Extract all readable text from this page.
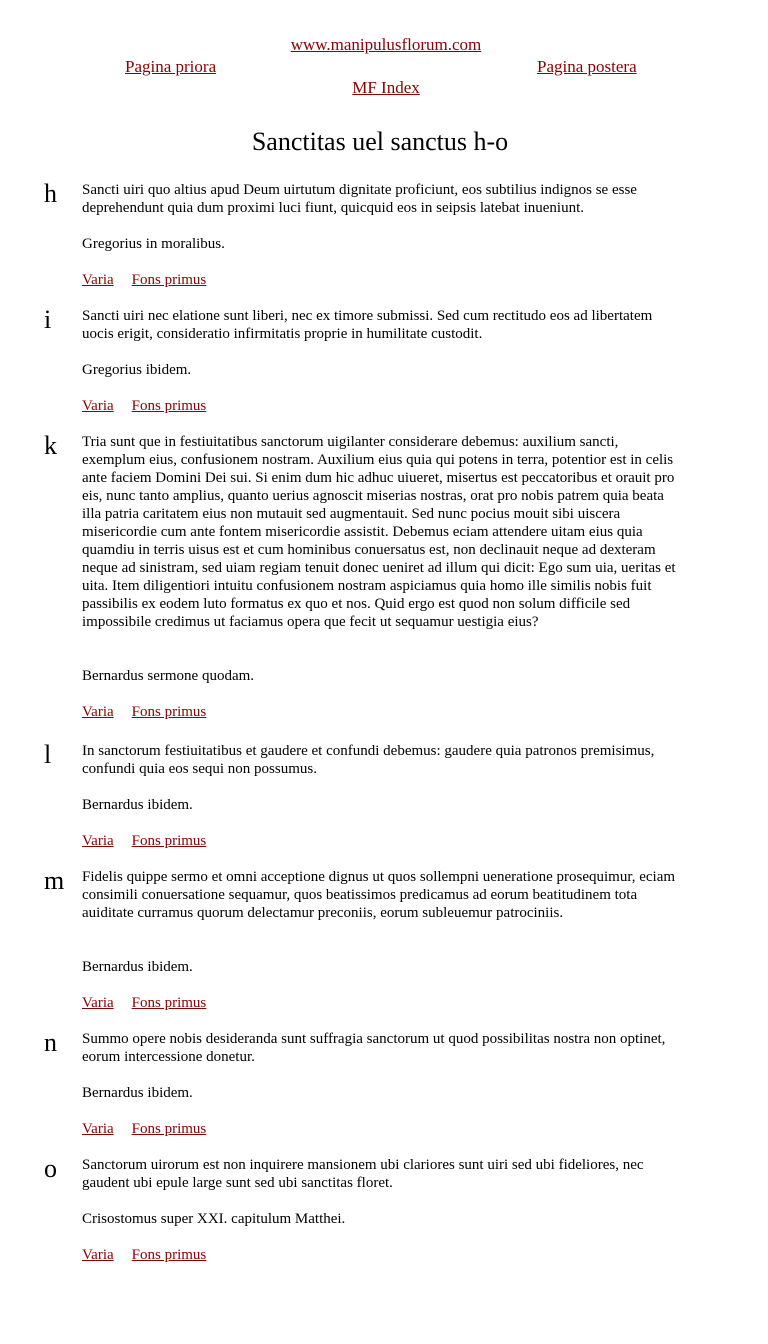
www.manipulusflorum.com
Pagina priora	Pagina postera
MF Index
Sanctitas uel sanctus h-o
h Sancti uiri quo altius apud Deum uirtutum dignitate proficiunt, eos subtilius indignos se esse deprehendunt quia dum proximi luci fiunt, quicquid eos in seipsis latebat inueniunt.

Gregorius in moralibus.

Varia Fons primus
i Sancti uiri nec elatione sunt liberi, nec ex timore submissi. Sed cum rectitudo eos ad libertatem uocis erigit, consideratio infirmitatis proprie in humilitate custodit.

Gregorius ibidem.

Varia Fons primus
k Tria sunt que in festiuitatibus sanctorum uigilanter considerare debemus: auxilium sancti, exemplum eius, confusionem nostram. Auxilium eius quia qui potens in terra, potentior est in celis ante faciem Domini Dei sui. Si enim dum hic adhuc uiueret, misertus est peccatoribus et orauit pro eis, nunc tanto amplius, quanto uerius agnoscit miserias nostras, orat pro nobis patrem quia beata illa patria caritatem eius non mutauit sed augmentauit. Sed nunc pocius mouit sibi uiscera misericordie cum ante fontem misericordie assistit. Debemus eciam attendere uitam eius quia quamdiu in terris uisus est et cum hominibus conuersatus est, non declinauit neque ad dexteram neque ad sinistram, sed uiam regiam tenuit donec ueniret ad illum qui dicit: Ego sum uia, ueritas et uita. Item diligentiori intuitu confusionem nostram aspiciamus quia homo ille similis nobis fuit passibilis ex eodem luto formatus ex quo et nos. Quid ergo est quod non solum difficile sed impossibile credimus ut faciamus opera que fecit ut sequamur uestigia eius?

Bernardus sermone quodam.

Varia Fons primus
l In sanctorum festiuitatibus et gaudere et confundi debemus: gaudere quia patronos premisimus, confundi quia eos sequi non possumus.

Bernardus ibidem.

Varia Fons primus
m Fidelis quippe sermo et omni acceptione dignus ut quos sollempni ueneratione prosequimur, eciam consimili conuersatione sequamur, quos beatissimos predicamus ad eorum beatitudinem tota auiditate curramus quorum delectamur preconiis, eorum subleuemur patrociniis.

Bernardus ibidem.

Varia Fons primus
n Summo opere nobis desideranda sunt suffragia sanctorum ut quod possibilitas nostra non optinet, eorum intercessione donetur.

Bernardus ibidem.

Varia Fons primus
o Sanctorum uirorum est non inquirere mansionem ubi clariores sunt uiri sed ubi fideliores, nec gaudent ubi epule large sunt sed ubi sanctitas floret.

Crisostomus super XXI. capitulum Matthei.

Varia Fons primus
